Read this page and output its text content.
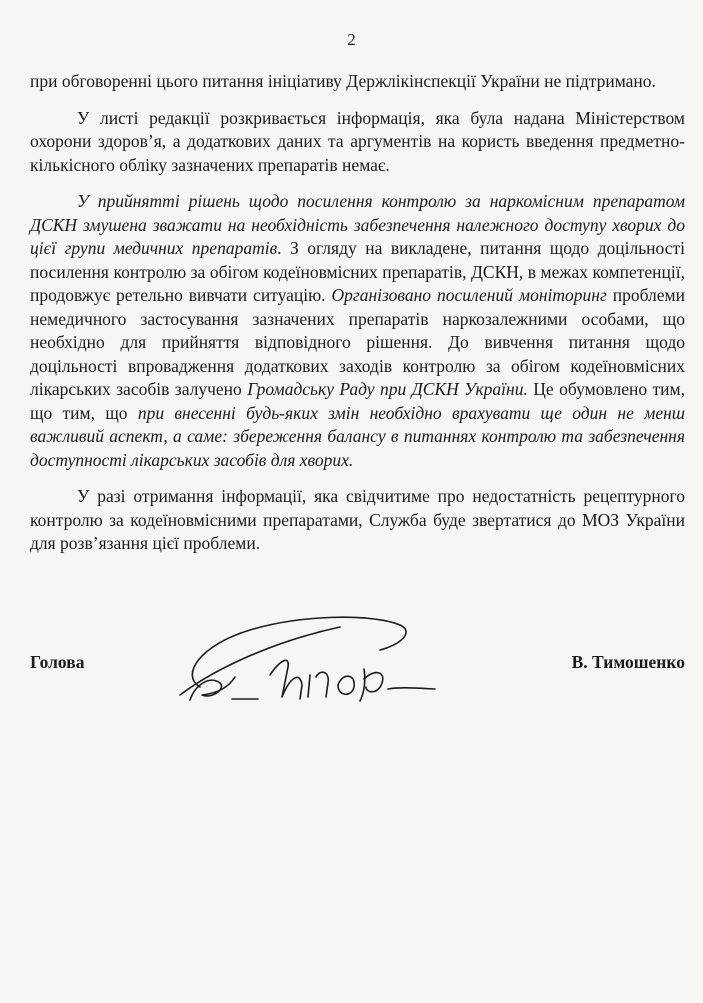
2

при обговоренні цього питання ініціативу Держлікінспекції України не підтримано.

У листі редакції розкривається інформація, яка була надана Міністерством охорони здоров’я, а додаткових даних та аргументів на користь введення предметно-кількісного обліку зазначених препаратів немає.

У прийнятті рішень щодо посилення контролю за наркомісним препаратом ДСКН змушена зважати на необхідність забезпечення належного доступу хворих до цієї групи медичних препаратів. З огляду на викладене, питання щодо доцільності посилення контролю за обігом кодеїновмісних препаратів, ДСКН, в межах компетенції, продовжує ретельно вивчати ситуацію. Організовано посилений моніторинг проблеми немедичного застосування зазначених препаратів наркозалежними особами, що необхідно для прийняття відповідного рішення. До вивчення питання щодо доцільності впровадження додаткових заходів контролю за обігом кодеїновмісних лікарських засобів залучено Громадську Раду при ДСКН України. Це обумовлено тим, що тим, що при внесенні будь-яких змін необхідно врахувати ще один не менш важливий аспект, а саме: збереження балансу в питаннях контролю та забезпечення доступності лікарських засобів для хворих.

У разі отримання інформації, яка свідчитиме про недостатність рецептурного контролю за кодеїновмісними препаратами, Служба буде звертатися до МОЗ України для розв’язання цієї проблеми.

Голова	В. Тимошенко
